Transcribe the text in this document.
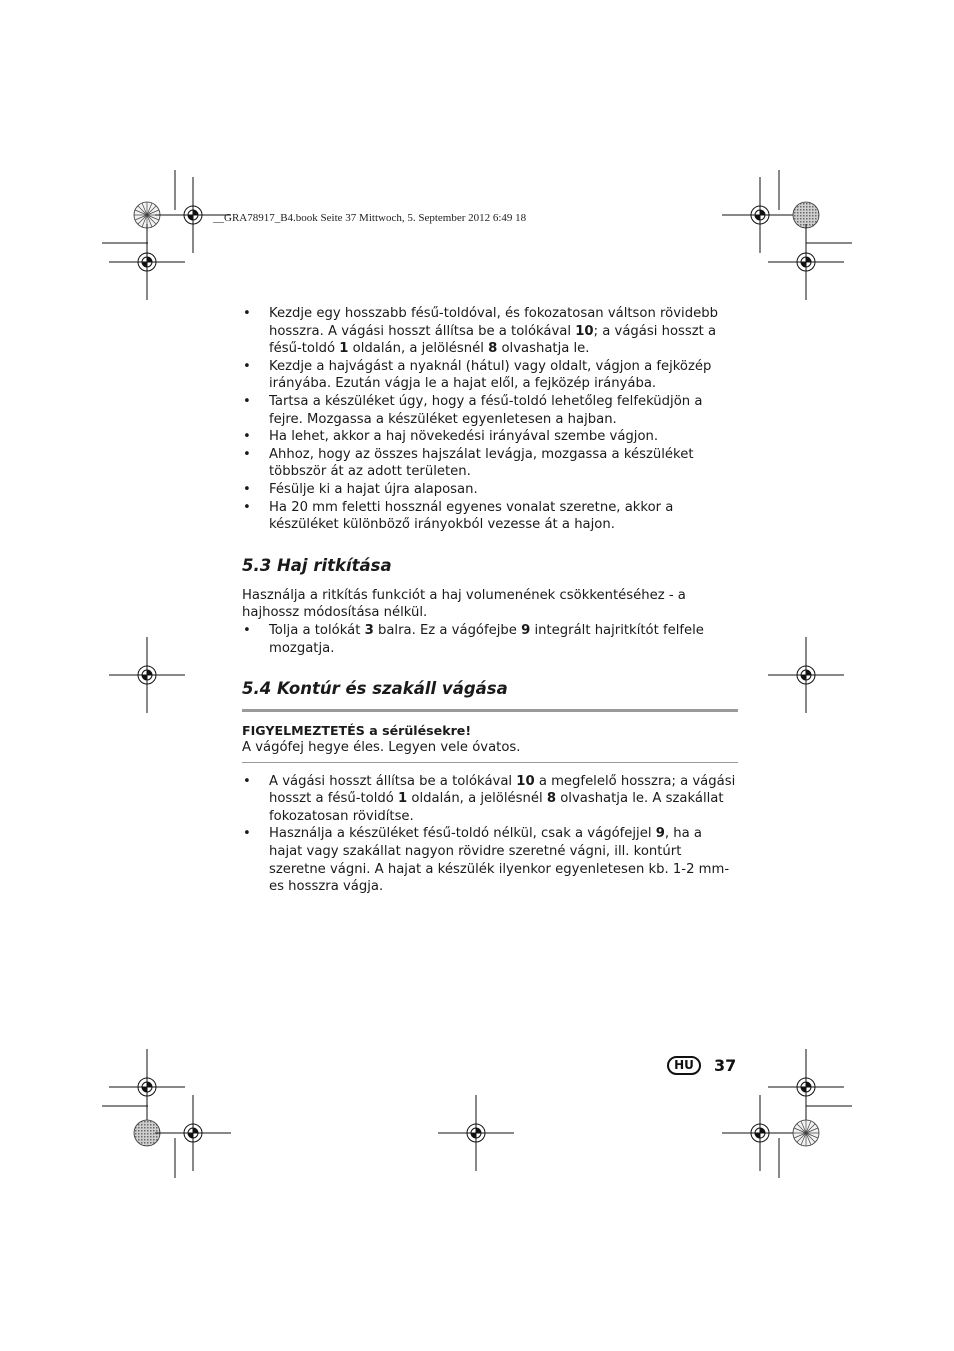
__GRA78917_B4.book Seite 37 Mittwoch, 5. September 2012 6:49 18
• Kezdje egy hosszabb fésű-toldóval, és fokozatosan váltson rövidebb hosszra. A vágási hosszt állítsa be a tolókával 10; a vágási hosszt a fésű-toldó 1 oldalán, a jelölésnél 8 olvashatja le.
• Kezdje a hajvágást a nyaknál (hátul) vagy oldalt, vágjon a fejközép irányába. Ezután vágja le a hajat elől, a fejközép irányába.
• Tartsa a készüléket úgy, hogy a fésű-toldó lehetőleg felfeküdjön a fejre. Mozgassa a készüléket egyenletesen a hajban.
• Ha lehet, akkor a haj növekedési irányával szembe vágjon.
• Ahhoz, hogy az összes hajszálat levágja, mozgassa a készüléket többször át az adott területen.
• Fésülje ki a hajat újra alaposan.
• Ha 20 mm feletti hossznál egyenes vonalat szeretne, akkor a készüléket különböző irányokból vezesse át a hajon.
5.3 Haj ritkítása

Használja a ritkítás funkciót a haj volumenének csökkentéséhez - a hajhossz módosítása nélkül.

• Tolja a tolókát 3 balra. Ez a vágófejbe 9 integrált hajritkítót felfele mozgatja.
5.4 Kontúr és szakáll vágása

FIGYELMEZTETÉS a sérülésekre!

A vágófej hegye éles. Legyen vele óvatos.

• A vágási hosszt állítsa be a tolókával 10 a megfelelő hosszra; a vágási hosszt a fésű-toldó 1 oldalán, a jelölésnél 8 olvashatja le. A szakállat fokozatosan rövidítse.
• Használja a készüléket fésű-toldó nélkül, csak a vágófejjel 9, ha a hajat vagy szakállat nagyon rövidre szeretné vágni, ill. kontúrt szeretne vágni. A hajat a készülék ilyenkor egyenletesen kb. 1-2 mm-es hosszra vágja.
HU	37
